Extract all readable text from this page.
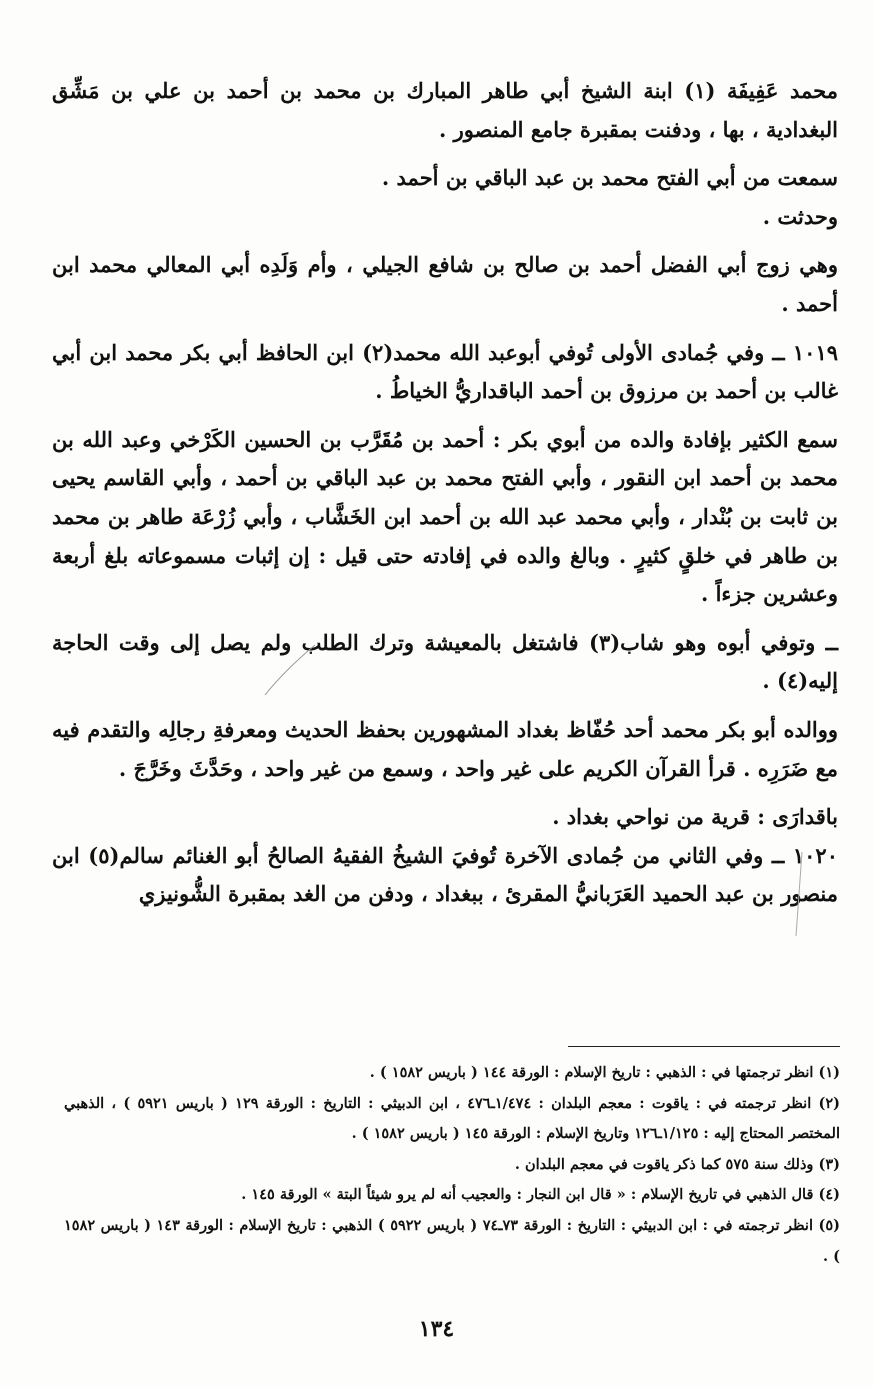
محمد عَفِيفَة (١) ابنة الشيخ أبي طاهر المبارك بن محمد بن أحمد بن علي بن مَشِّق البغدادية ، بها ، ودفنت بمقبرة جامع المنصور .

سمعت من أبي الفتح محمد بن عبد الباقي بن أحمد .

وحدثت .

وهي زوج أبي الفضل أحمد بن صالح بن شافع الجيلي ، وأم وَلَدِه أبي المعالي محمد ابن أحمد .

١٠١٩ ــ وفي جُمادى الأولى تُوفي أبوعبد الله محمد(٢) ابن الحافظ أبي بكر محمد ابن أبي غالب بن أحمد بن مرزوق بن أحمد الباقداريُّ الخياطُ .

سمع الكثير بإفادة والده من أبوي بكر : أحمد بن مُقَرَّب بن الحسين الكَرْخي وعبد الله بن محمد بن أحمد ابن النقور ، وأبي الفتح محمد بن عبد الباقي بن أحمد ، وأبي القاسم يحيى بن ثابت بن بُنْدار ، وأبي محمد عبد الله بن أحمد ابن الخَشَّاب ، وأبي زُرْعَة طاهر بن محمد بن طاهر في خلقٍ كثيرٍ . وبالغ والده في إفادته حتى قيل : إن إثبات مسموعاته بلغ أربعة وعشرين جزءاً .

ــ وتوفي أبوه وهو شاب(٣) فاشتغل بالمعيشة وترك الطلب ولم يصل إلى وقت الحاجة إليه(٤) .

ووالده أبو بكر محمد أحد حُفّاظ بغداد المشهورين بحفظ الحديث ومعرفةِ رجالِه والتقدم فيه مع ضَرَرِه . قرأ القرآن الكريم على غير واحد ، وسمع من غير واحد ، وحَدَّثَ وخَرَّجَ .

باقدارَى : قرية من نواحي بغداد .

١٠٢٠ ــ وفي الثاني من جُمادى الآخرة تُوفيَ الشيخُ الفقيهُ الصالحُ أبو الغنائم سالم(٥) ابن منصور بن عبد الحميد العَرَبانيُّ المقرئ ، ببغداد ، ودفن من الغد بمقبرة الشُّونيزي

(١) انظر ترجمتها في : الذهبي : تاريخ الإسلام : الورقة ١٤٤ ( باريس ١٥٨٢ ) .

(٢) انظر ترجمته في : ياقوت : معجم البلدان : ١/٤٧٤ـ٤٧٦ ، ابن الدبيثي : التاريخ : الورقة ١٢٩ ( باريس ٥٩٢١ ) ، الذهبي المختصر المحتاج إليه : ١/١٢٥ـ١٢٦ وتاريخ الإسلام : الورقة ١٤٥ ( باريس ١٥٨٢ ) .

(٣) وذلك سنة ٥٧٥ كما ذكر ياقوت في معجم البلدان .

(٤) قال الذهبي في تاريخ الإسلام : « قال ابن النجار : والعجيب أنه لم يرو شيئاً البتة » الورقة ١٤٥ .

(٥) انظر ترجمته في : ابن الدبيثي : التاريخ : الورقة ٧٣ـ٧٤ ( باريس ٥٩٢٢ ) الذهبي : تاريخ الإسلام : الورقة ١٤٣ ( باريس ١٥٨٢ ) .

١٣٤
